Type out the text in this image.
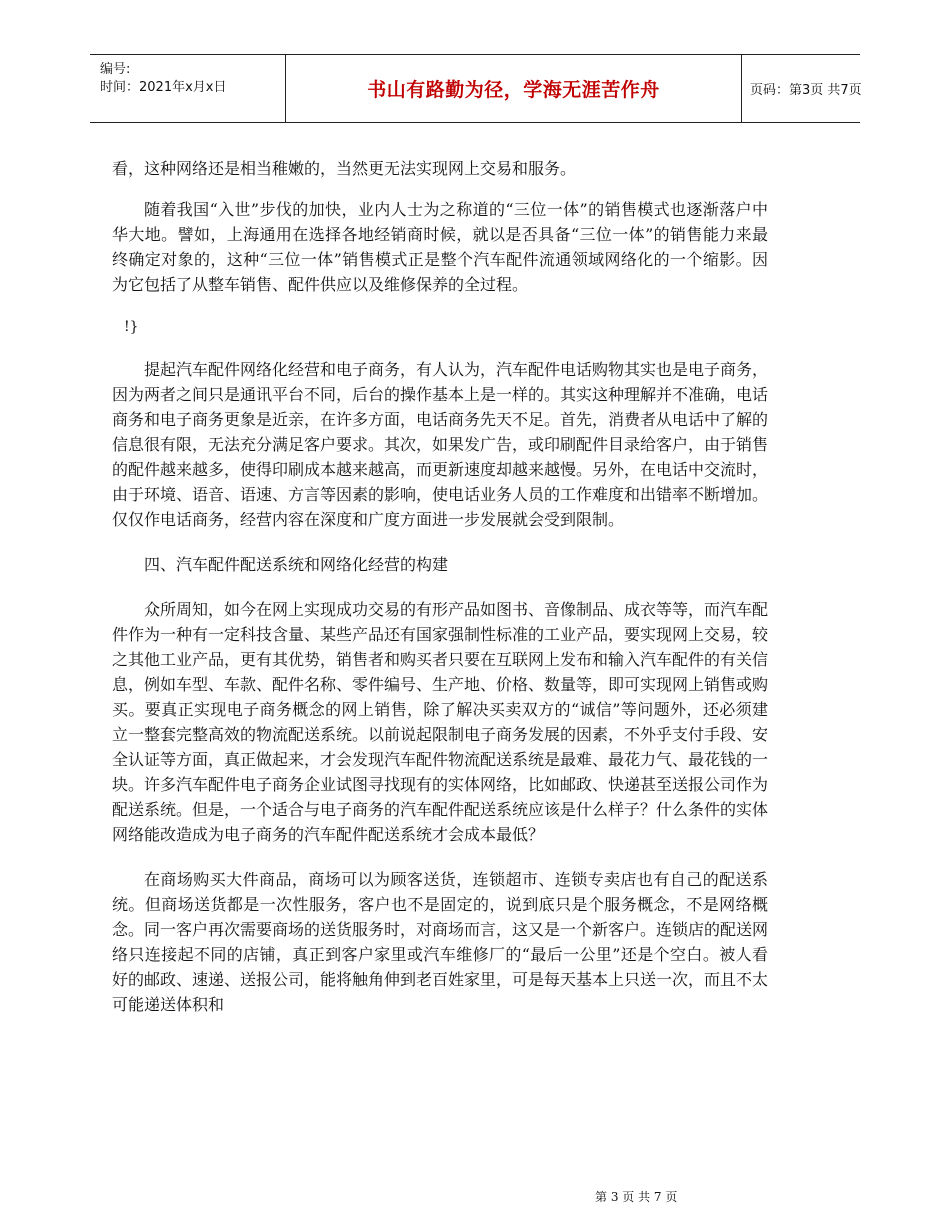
编号:
时间：2021年x月x日	书山有路勤为径，学海无涯苦作舟	页码：第3页 共7页

看，这种网络还是相当稚嫩的，当然更无法实现网上交易和服务。

随着我国“入世”步伐的加快，业内人士为之称道的“三位一体”的销售模式也逐渐落户中华大地。譬如，上海通用在选择各地经销商时候，就以是否具备“三位一体”的销售能力来最终确定对象的，这种“三位一体”销售模式正是整个汽车配件流通领域网络化的一个缩影。因为它包括了从整车销售、配件供应以及维修保养的全过程。

!}

提起汽车配件网络化经营和电子商务，有人认为，汽车配件电话购物其实也是电子商务，因为两者之间只是通讯平台不同，后台的操作基本上是一样的。其实这种理解并不准确，电话商务和电子商务更象是近亲，在许多方面，电话商务先天不足。首先，消费者从电话中了解的信息很有限，无法充分满足客户要求。其次，如果发广告，或印刷配件目录给客户，由于销售的配件越来越多，使得印刷成本越来越高，而更新速度却越来越慢。另外，在电话中交流时，由于环境、语音、语速、方言等因素的影响，使电话业务人员的工作难度和出错率不断增加。仅仅作电话商务，经营内容在深度和广度方面进一步发展就会受到限制。

四、汽车配件配送系统和网络化经营的构建

众所周知，如今在网上实现成功交易的有形产品如图书、音像制品、成衣等等，而汽车配件作为一种有一定科技含量、某些产品还有国家强制性标准的工业产品，要实现网上交易，较之其他工业产品，更有其优势，销售者和购买者只要在互联网上发布和输入汽车配件的有关信息，例如车型、车款、配件名称、零件编号、生产地、价格、数量等，即可实现网上销售或购买。要真正实现电子商务概念的网上销售，除了解决买卖双方的“诚信”等问题外，还必须建立一整套完整高效的物流配送系统。以前说起限制电子商务发展的因素，不外乎支付手段、安全认证等方面，真正做起来，才会发现汽车配件物流配送系统是最难、最花力气、最花钱的一块。许多汽车配件电子商务企业试图寻找现有的实体网络，比如邮政、快递甚至送报公司作为配送系统。但是，一个适合与电子商务的汽车配件配送系统应该是什么样子？什么条件的实体网络能改造成为电子商务的汽车配件配送系统才会成本最低？

在商场购买大件商品，商场可以为顾客送货，连锁超市、连锁专卖店也有自己的配送系统。但商场送货都是一次性服务，客户也不是固定的，说到底只是个服务概念，不是网络概念。同一客户再次需要商场的送货服务时，对商场而言，这又是一个新客户。连锁店的配送网络只连接起不同的店铺，真正到客户家里或汽车维修厂的“最后一公里”还是个空白。被人看好的邮政、速递、送报公司，能将触角伸到老百姓家里，可是每天基本上只送一次，而且不太可能递送体积和

第 3 页 共 7 页
